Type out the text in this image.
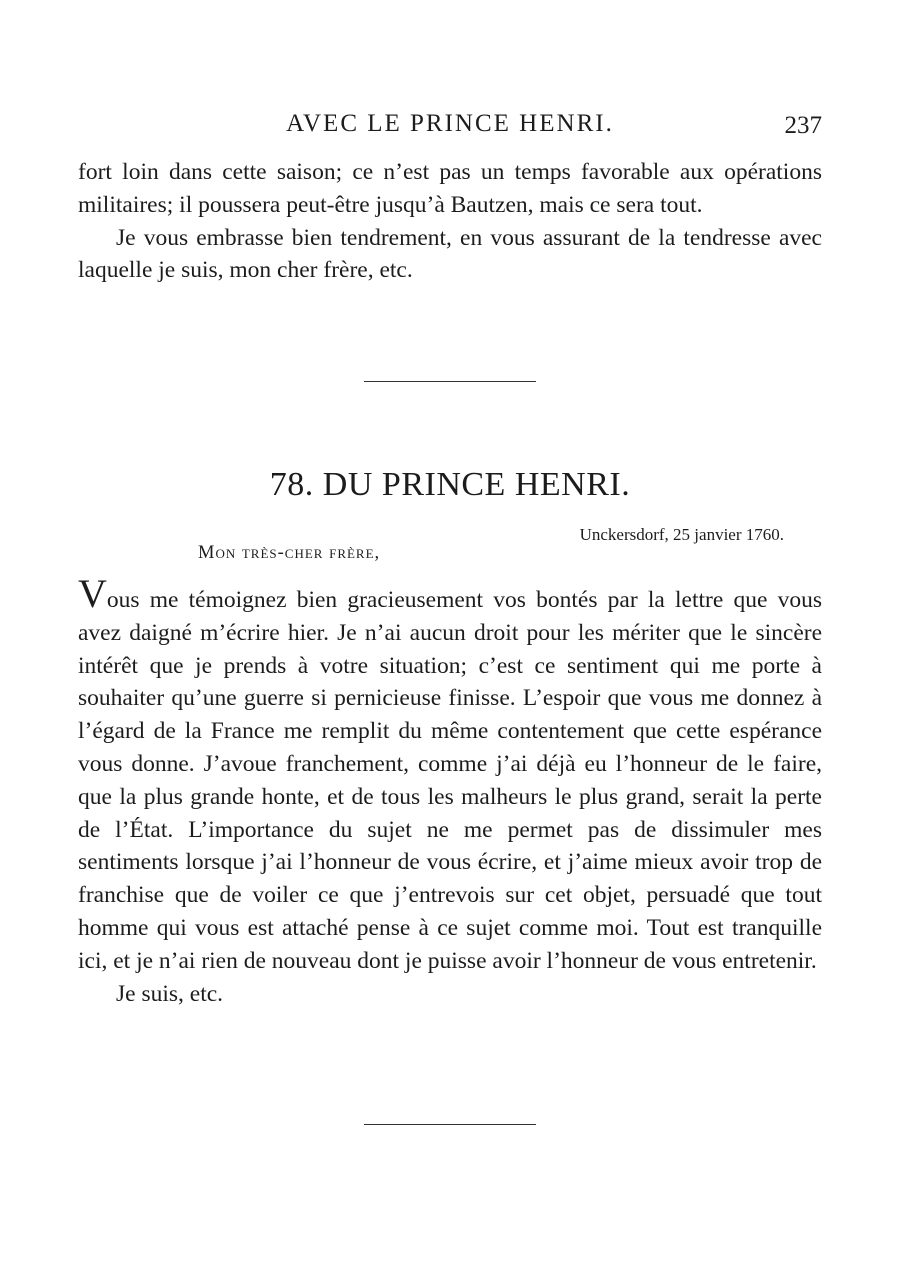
AVEC LE PRINCE HENRI.	237

fort loin dans cette saison; ce n’est pas un temps favorable aux opérations militaires; il poussera peut-être jusqu’à Bautzen, mais ce sera tout.

Je vous embrasse bien tendrement, en vous assurant de la tendresse avec laquelle je suis, mon cher frère, etc.

78. DU PRINCE HENRI.
Unckersdorf, 25 janvier 1760.
Mon très-cher frère,

Vous me témoignez bien gracieusement vos bontés par la lettre que vous avez daigné m’écrire hier. Je n’ai aucun droit pour les mériter que le sincère intérêt que je prends à votre situation; c’est ce sentiment qui me porte à souhaiter qu’une guerre si pernicieuse finisse. L’espoir que vous me donnez à l’égard de la France me remplit du même contentement que cette espérance vous donne. J’avoue franchement, comme j’ai déjà eu l’honneur de le faire, que la plus grande honte, et de tous les malheurs le plus grand, serait la perte de l’État. L’importance du sujet ne me permet pas de dissimuler mes sentiments lorsque j’ai l’honneur de vous écrire, et j’aime mieux avoir trop de franchise que de voiler ce que j’entrevois sur cet objet, persuadé que tout homme qui vous est attaché pense à ce sujet comme moi. Tout est tranquille ici, et je n’ai rien de nouveau dont je puisse avoir l’honneur de vous entretenir.

Je suis, etc.
